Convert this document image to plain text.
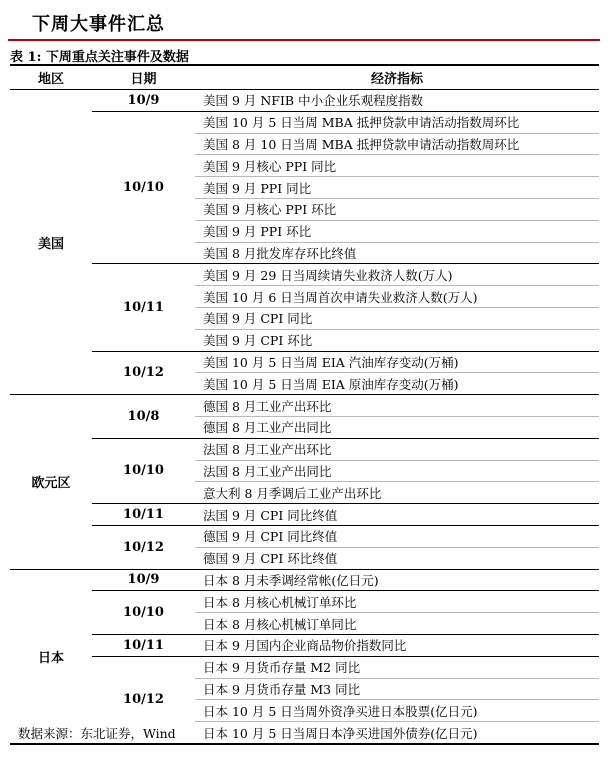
下周大事件汇总
表 1: 下周重点关注事件及数据
地区	日期	经济指标
美国	10/9	美国 9 月 NFIB 中小企业乐观程度指数
	10/10	美国 10 月 5 日当周 MBA 抵押贷款申请活动指数周环比
		美国 8 月 10 日当周 MBA 抵押贷款申请活动指数周环比
		美国 9 月核心 PPI 同比
		美国 9 月 PPI 同比
		美国 9 月核心 PPI 环比
		美国 9 月 PPI 环比
		美国 8 月批发库存环比终值
	10/11	美国 9 月 29 日当周续请失业救济人数(万人)
		美国 10 月 6 日当周首次申请失业救济人数(万人)
		美国 9 月 CPI 同比
		美国 9 月 CPI 环比
	10/12	美国 10 月 5 日当周 EIA 汽油库存变动(万桶)
		美国 10 月 5 日当周 EIA 原油库存变动(万桶)
欧元区	10/8	德国 8 月工业产出环比
		德国 8 月工业产出同比
	10/10	法国 8 月工业产出环比
		法国 8 月工业产出同比
		意大利 8 月季调后工业产出环比
	10/11	法国 9 月 CPI 同比终值
	10/12	德国 9 月 CPI 同比终值
		德国 9 月 CPI 环比终值
日本	10/9	日本 8 月未季调经常帐(亿日元)
	10/10	日本 8 月核心机械订单环比
		日本 8 月核心机械订单同比
	10/11	日本 9 月国内企业商品物价指数同比
	10/12	日本 9 月货币存量 M2 同比
		日本 9 月货币存量 M3 同比
		日本 10 月 5 日当周外资净买进日本股票(亿日元)
		日本 10 月 5 日当周日本净买进国外债券(亿日元)
数据来源：东北证券，Wind
